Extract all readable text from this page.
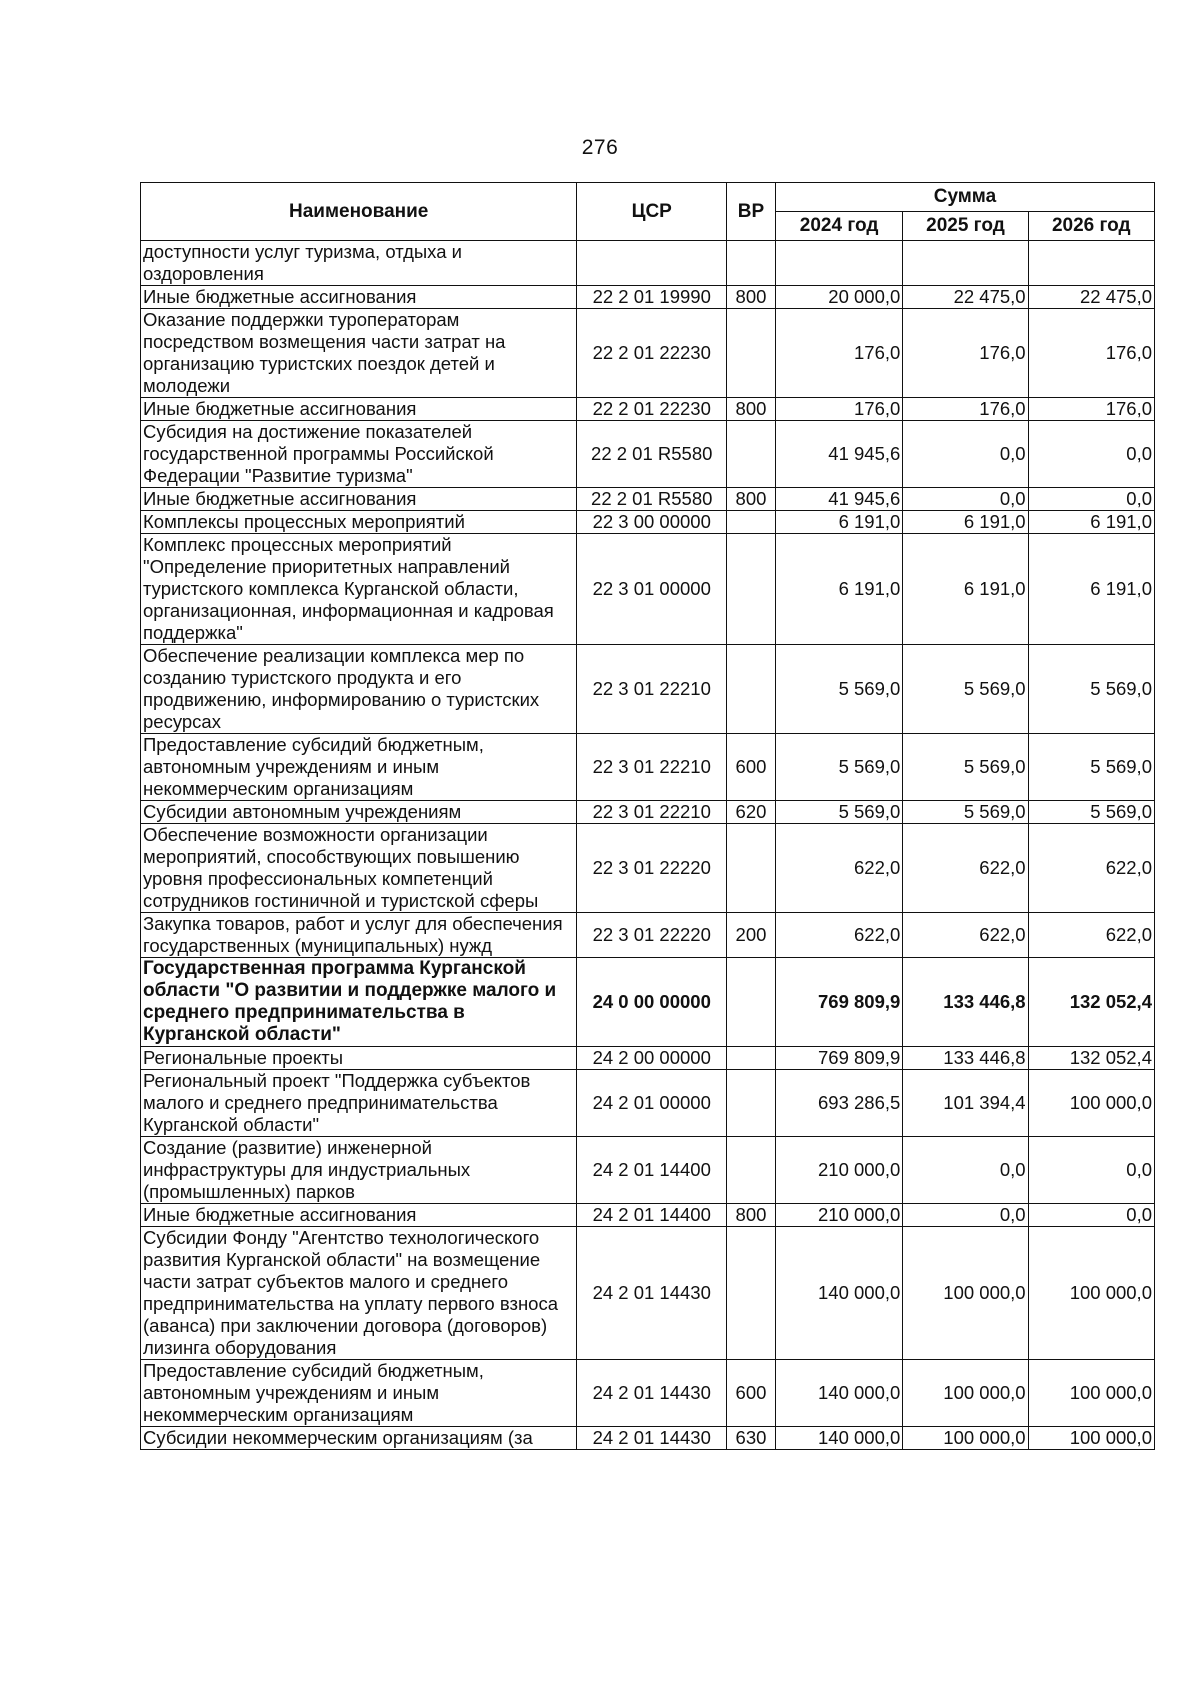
276
Наименование	ЦСР	ВР	Сумма		
			2024 год	2025 год	2026 год
доступности услуг туризма, отдыха и оздоровления					
Иные бюджетные ассигнования	22 2 01 19990	800	20 000,0	22 475,0	22 475,0
Оказание поддержки туроператорам посредством возмещения части затрат на организацию туристских поездок детей и молодежи	22 2 01 22230		176,0	176,0	176,0
Иные бюджетные ассигнования	22 2 01 22230	800	176,0	176,0	176,0
Субсидия на достижение показателей государственной программы Российской Федерации "Развитие туризма"	22 2 01 R5580		41 945,6	0,0	0,0
Иные бюджетные ассигнования	22 2 01 R5580	800	41 945,6	0,0	0,0
Комплексы процессных мероприятий	22 3 00 00000		6 191,0	6 191,0	6 191,0
Комплекс процессных мероприятий "Определение приоритетных направлений туристского комплекса Курганской области, организационная, информационная и кадровая поддержка"	22 3 01 00000		6 191,0	6 191,0	6 191,0
Обеспечение реализации комплекса мер по созданию туристского продукта и его продвижению, информированию о туристских ресурсах	22 3 01 22210		5 569,0	5 569,0	5 569,0
Предоставление субсидий бюджетным, автономным учреждениям и иным некоммерческим организациям	22 3 01 22210	600	5 569,0	5 569,0	5 569,0
Субсидии автономным учреждениям	22 3 01 22210	620	5 569,0	5 569,0	5 569,0
Обеспечение возможности организации мероприятий, способствующих повышению уровня профессиональных компетенций сотрудников гостиничной и туристской сферы	22 3 01 22220		622,0	622,0	622,0
Закупка товаров, работ и услуг для обеспечения государственных (муниципальных) нужд	22 3 01 22220	200	622,0	622,0	622,0
Государственная программа Курганской области "О развитии и поддержке малого и среднего предпринимательства в Курганской области"	24 0 00 00000		769 809,9	133 446,8	132 052,4
Региональные проекты	24 2 00 00000		769 809,9	133 446,8	132 052,4
Региональный проект "Поддержка субъектов малого и среднего предпринимательства Курганской области"	24 2 01 00000		693 286,5	101 394,4	100 000,0
Создание (развитие) инженерной инфраструктуры для индустриальных (промышленных) парков	24 2 01 14400		210 000,0	0,0	0,0
Иные бюджетные ассигнования	24 2 01 14400	800	210 000,0	0,0	0,0
Субсидии Фонду "Агентство технологического развития Курганской области" на возмещение части затрат субъектов малого и среднего предпринимательства на уплату первого взноса (аванса) при заключении договора (договоров) лизинга оборудования	24 2 01 14430		140 000,0	100 000,0	100 000,0
Предоставление субсидий бюджетным, автономным учреждениям и иным некоммерческим организациям	24 2 01 14430	600	140 000,0	100 000,0	100 000,0
Субсидии некоммерческим организациям (за	24 2 01 14430	630	140 000,0	100 000,0	100 000,0
